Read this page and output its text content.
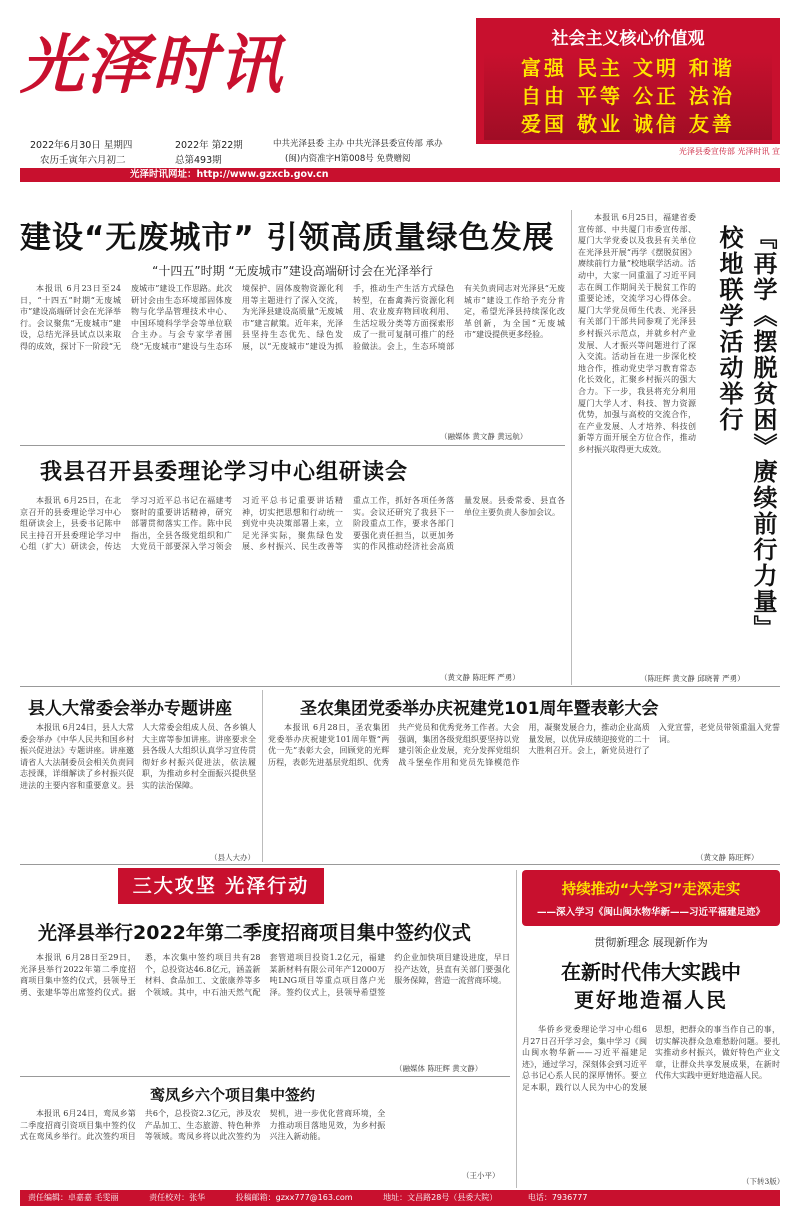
光泽时讯	社会主义核心价值观
富强 民主 文明 和谐
自由 平等 公正 法治
爱国 敬业 诚信 友善
光泽县委宣传部 光泽时讯 宣
2022年6月30日 星期四
农历壬寅年六月初二
2022年 第22期
总第493期
中共光泽县委 主办 中共光泽县委宣传部 承办
(闽)内资准字H第008号 免费赠阅
光泽时讯网址：http://www.gzxcb.gov.cn
建设“无废城市” 引领高质量绿色发展
“十四五”时期 “无废城市”建设高端研讨会在光泽举行

本报讯 6月23日至24日，“十四五”时期“无废城市”建设高端研讨会在光泽举行。会议聚焦“无废城市”建设，总结光泽县试点以来取得的成效，探讨下一阶段“无废城市”建设工作思路。此次研讨会由生态环境部固体废物与化学品管理技术中心、中国环境科学学会等单位联合主办。与会专家学者围绕“无废城市”建设与生态环境保护、固体废物资源化利用等主题进行了深入交流，为光泽县建设高质量“无废城市”建言献策。近年来，光泽县坚持生态优先、绿色发展，以“无废城市”建设为抓手，推动生产生活方式绿色转型，在畜禽粪污资源化利用、农业废弃物回收利用、生活垃圾分类等方面探索形成了一批可复制可推广的经验做法。会上，生态环境部有关负责同志对光泽县“无废城市”建设工作给予充分肯定，希望光泽县持续深化改革创新，为全国“无废城市”建设提供更多经验。

（融媒体 黄文静 黄远航）

本报讯 6月25日，福建省委宣传部、中共厦门市委宣传部、厦门大学党委以及我县有关单位在光泽县开展“再学《摆脱贫困》赓续前行力量”校地联学活动。活动中，大家一同重温了习近平同志在闽工作期间关于脱贫工作的重要论述，交流学习心得体会。厦门大学党员师生代表、光泽县有关部门干部共同参观了光泽县乡村振兴示范点，并就乡村产业发展、人才振兴等问题进行了深入交流。活动旨在进一步深化校地合作，推动党史学习教育常态化长效化，汇聚乡村振兴的强大合力。下一步，我县将充分利用厦门大学人才、科技、智力资源优势，加强与高校的交流合作，在产业发展、人才培养、科技创新等方面开展全方位合作，推动乡村振兴取得更大成效。	『再学《摆脱贫困》赓续前行力量』校地联学活动举行
（陈旺辉 黄文静 邱晓菁 严勇）
我县召开县委理论学习中心组研读会

本报讯 6月25日，在北京召开的县委理论学习中心组研读会上，县委书记陈中民主持召开县委理论学习中心组（扩大）研读会，传达学习习近平总书记在福建考察时的重要讲话精神，研究部署贯彻落实工作。陈中民指出，全县各级党组织和广大党员干部要深入学习领会习近平总书记重要讲话精神，切实把思想和行动统一到党中央决策部署上来，立足光泽实际，聚焦绿色发展、乡村振兴、民生改善等重点工作，抓好各项任务落实。会议还研究了我县下一阶段重点工作，要求各部门要强化责任担当，以更加务实的作风推动经济社会高质量发展。县委常委、县直各单位主要负责人参加会议。

（黄文静 陈旺辉 严勇）
县人大常委会举办专题讲座

本报讯 6月24日，县人大常委会举办《中华人民共和国乡村振兴促进法》专题讲座。讲座邀请省人大法制委员会相关负责同志授课，详细解读了乡村振兴促进法的主要内容和重要意义。县人大常委会组成人员、各乡镇人大主席等参加讲座。讲座要求全县各级人大组织认真学习宣传贯彻好乡村振兴促进法，依法履职，为推动乡村全面振兴提供坚实的法治保障。

（县人大办）
圣农集团党委举办庆祝建党101周年暨表彰大会

本报讯 6月28日，圣农集团党委举办庆祝建党101周年暨“两优一先”表彰大会，回顾党的光辉历程，表彰先进基层党组织、优秀共产党员和优秀党务工作者。大会强调，集团各级党组织要坚持以党建引领企业发展，充分发挥党组织战斗堡垒作用和党员先锋模范作用，凝聚发展合力，推动企业高质量发展，以优异成绩迎接党的二十大胜利召开。会上，新党员进行了入党宣誓，老党员带领重温入党誓词。

（黄文静 陈旺辉）
三大攻坚 光泽行动
光泽县举行2022年第二季度招商项目集中签约仪式

本报讯 6月28日至29日，光泽县举行2022年第二季度招商项目集中签约仪式，县领导王勇、张建华等出席签约仪式。据悉，本次集中签约项目共有28个，总投资达46.8亿元，涵盖新材料、食品加工、文旅康养等多个领域。其中，中石油天然气配套管道项目投资1.2亿元，福建某新材料有限公司年产12000万吨LNG项目等重点项目落户光泽。签约仪式上，县领导希望签约企业加快项目建设进度，早日投产达效，县直有关部门要强化服务保障，营造一流营商环境。

（融媒体 陈旺辉 黄文静）
鸾凤乡六个项目集中签约

本报讯 6月24日，鸾凤乡第二季度招商引资项目集中签约仪式在鸾凤乡举行。此次签约项目共6个，总投资2.3亿元，涉及农产品加工、生态旅游、特色种养等领域。鸾凤乡将以此次签约为契机，进一步优化营商环境，全力推动项目落地见效，为乡村振兴注入新动能。

（王小平）
持续推动“大学习”走深走实
——深入学习《闽山闽水物华新——习近平福建足迹》
贯彻新理念 展现新作为
在新时代伟大实践中
更好地造福人民

华侨乡党委理论学习中心组6月27日召开学习会，集中学习《闽山闽水物华新——习近平福建足迹》，通过学习，深刻体会到习近平总书记心系人民的深厚情怀。要立足本职，践行以人民为中心的发展思想，把群众的事当作自己的事，切实解决群众急难愁盼问题。要扎实推动乡村振兴，做好特色产业文章，让群众共享发展成果，在新时代伟大实践中更好地造福人民。

（下转3版）
责任编辑：卓嘉嘉 毛雯丽	责任校对：张华	投稿邮箱：gzxx777@163.com	地址：文昌路28号（县委大院）	电话：7936777
